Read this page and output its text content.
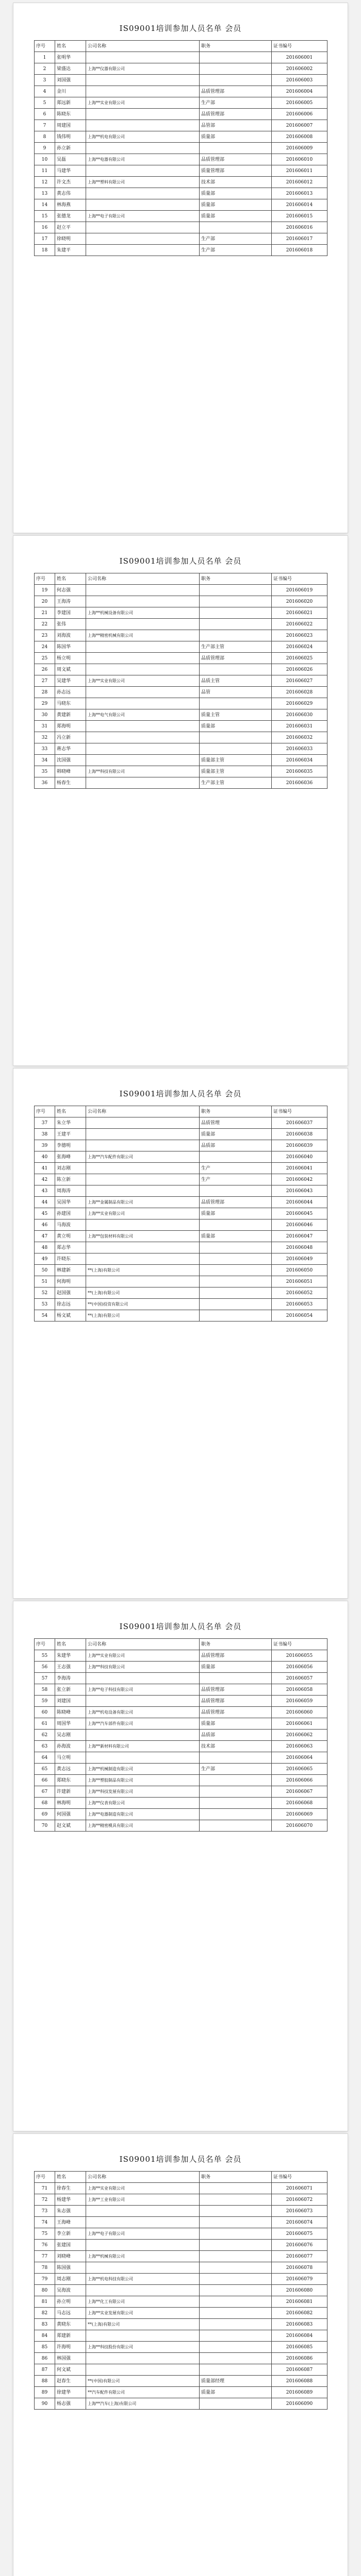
IS09001培训参加人员名单 会员
序号	姓名	公司名称	职务	证书编号
1	张明华			201606001
2	梁盛达	上海**仪器有限公司		201606002
3	刘国强			201606003
4	金川		品质管理部	201606004
5	郑远新	上海**实业有限公司	生产部	201606005
6	陈晓东		品质管理部	201606006
7	周建国		品管部	201606007
8	钱伟明	上海**机电有限公司	质量部	201606008
9	孙立新			201606009
10	吴磊	上海**电器有限公司	品质管理部	201606010
11	马建华		质量管理部	201606011
12	许文杰	上海**塑料有限公司	技术部	201606012
13	黄志伟		质量部	201606013
14	林海燕		质量部	201606014
15	张德龙	上海**电子有限公司	质量部	201606015
16	赵立平			201606016
17	徐晓明		生产部	201606017
18	朱建平		生产部	201606018
IS09001培训参加人员名单 会员
序号	姓名	公司名称	职务	证书编号
19	何志强			201606019
20	王海涛			201606020
21	李建国	上海**机械设备有限公司		201606021
22	张伟			201606022
23	刘海波	上海**精密机械有限公司		201606023
24	陈国华		生产部主管	201606024
25	杨立明		品质管理部	201606025
26	周文斌			201606026
27	吴建华	上海**实业有限公司	品质主管	201606027
28	孙志远		品管	201606028
29	马晓东			201606029
30	黄建新	上海**电气有限公司	质量主管	201606030
31	郑海明		质量部	201606031
32	冯立新			201606032
33	蒋志华			201606033
34	沈国强		质量部主管	201606034
35	韩晓峰	上海**科技有限公司	质量部主管	201606035
36	杨春生		生产部主管	201606036
IS09001培训参加人员名单 会员
序号	姓名	公司名称	职务	证书编号
37	朱立华		品质管理	201606037
38	王建平		质量部	201606038
39	李德明		品质部	201606039
40	张海峰	上海**汽车配件有限公司		201606040
41	刘志刚		生产	201606041
42	陈立新		生产	201606042
43	周海涛			201606043
44	吴国华	上海**金属制品有限公司	品质管理部	201606044
45	孙建国	上海**实业有限公司	质量部	201606045
46	马海波			201606046
47	黄立明	上海**包装材料有限公司	质量部	201606047
48	郑志华			201606048
49	许晓东			201606049
50	林建新	**(上海)有限公司		201606050
51	何海明			201606051
52	赵国强	**(上海)有限公司		201606052
53	徐志远	**(中国)投资有限公司		201606053
54	杨文斌	**(上海)有限公司		201606054
IS09001培训参加人员名单 会员
序号	姓名	公司名称	职务	证书编号
55	朱建华	上海**实业有限公司	品质管理部	201606055
56	王志强	上海**科技有限公司	质量部	201606056
57	李海涛			201606057
58	张立新	上海**电子科技有限公司	品质管理部	201606058
59	刘建国		品质管理部	201606059
60	陈晓峰	上海**机电设备有限公司	品质管理部	201606060
61	周国华	上海**汽车部件有限公司	质量部	201606061
62	吴志刚		品质部	201606062
63	孙海波	上海**新材料有限公司	技术部	201606063
64	马立明			201606064
65	黄志远	上海**机械制造有限公司	生产部	201606065
66	郑晓东	上海**塑胶制品有限公司		201606066
67	许建新	上海**科技发展有限公司		201606067
68	林海明	上海**仪表有限公司		201606068
69	何国强	上海**电器制造有限公司		201606069
70	赵文斌	上海**精密模具有限公司		201606070
IS09001培训参加人员名单 会员
序号	姓名	公司名称	职务	证书编号
71	徐春生	上海**实业有限公司		201606071
72	杨建华	上海**工业有限公司		201606072
73	朱志强			201606073
74	王海峰			201606074
75	李立新	上海**电子有限公司		201606075
76	张建国			201606076
77	刘晓峰	上海**机械有限公司		201606077
78	陈国强			201606078
79	周志刚	上海**机电科技有限公司		201606079
80	吴海波			201606080
81	孙立明	上海**化工有限公司		201606081
82	马志远	上海**实业发展有限公司		201606082
83	黄晓东	**(上海)有限公司		201606083
84	郑建新			201606084
85	许海明	上海**科技股份有限公司		201606085
86	林国强			201606086
87	何文斌			201606087
88	赵春生	**(中国)有限公司	质量部经理	201606088
89	徐建华	**汽车配件有限公司	质量部	201606089
90	杨志强	上海**汽车(上海)有限公司		201606090
